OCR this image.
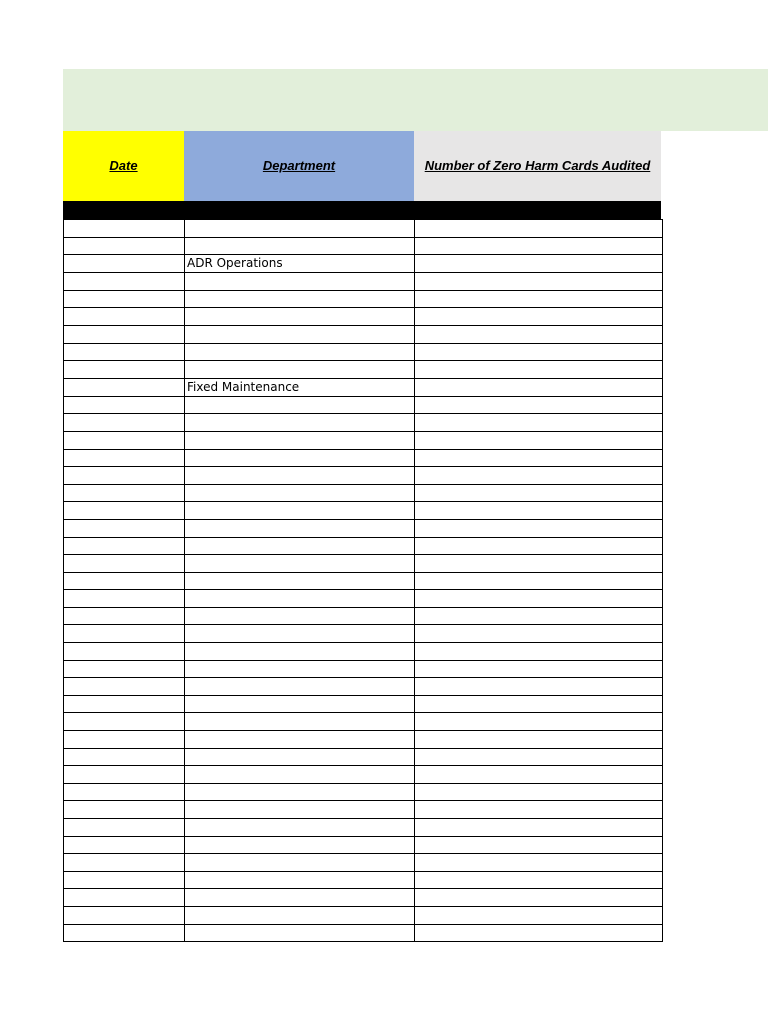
Date	Department	Number of Zero Harm Cards Audited

	ADR Operations	

	Fixed Maintenance	
